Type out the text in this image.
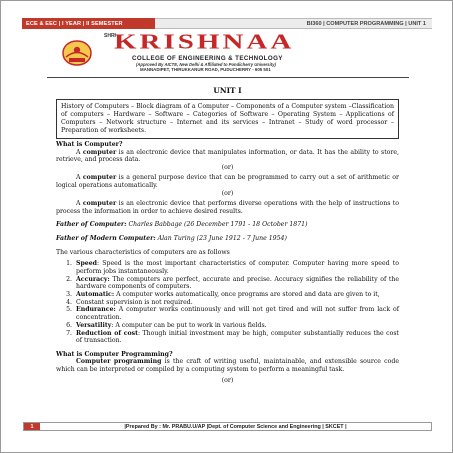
ECE & EEC | I YEAR | II SEMESTER	BI360 | COMPUTER PROGRAMMING | UNIT 1
SHRI
KRISHNAA
COLLEGE OF ENGINEERING & TECHNOLOGY
(Approved By AICTE, New Delhi & Affiliated to Pondicherry University)
MANNADIPET, THIRUKKANUR ROAD, PUDUCHERRY - 605 501
UNIT I
History of Computers – Block diagram of a Computer – Components of a Computer system –Classification of computers – Hardware – Software – Categories of Software – Operating System – Applications of Computers – Network structure – Internet and its services – Intranet – Study of word processor – Preparation of worksheets.

What is Computer?

A computer is an electronic device that manipulates information, or data. It has the ability to store, retrieve, and process data.

(or)

A computer is a general purpose device that can be programmed to carry out a set of arithmetic or logical operations automatically.

(or)

A computer is an electronic device that performs diverse operations with the help of instructions to process the information in order to achieve desired results.

Father of Computer: Charles Babbage (26 December 1791 - 18 October 1871)

Father of Modern Computer: Alan Turing (23 June 1912 - 7 June 1954)

The various characteristics of computers are as follows

1. Speed: Speed is the most important characteristics of computer. Computer having more speed to perform jobs instantaneously.
2. Accuracy: The computers are perfect, accurate and precise. Accuracy signifies the reliability of the hardware components of computers.
3. Automatic: A computer works automatically, once programs are stored and data are given to it,
4. Constant supervision is not required.
5. Endurance: A computer works continuously and will not get tired and will not suffer from lack of concentration.
6. Versatility: A computer can be put to work in various fields.
7. Reduction of cost: Though initial investment may be high, computer substantially reduces the cost of transaction.

What is Computer Programming?

Computer programming is the craft of writing useful, maintainable, and extensible source code which can be interpreted or compiled by a computing system to perform a meaningful task.

(or)

1	|Prepared By : Mr. PRABU.U/AP |Dept. of Computer Science and Engineering | SKCET |
